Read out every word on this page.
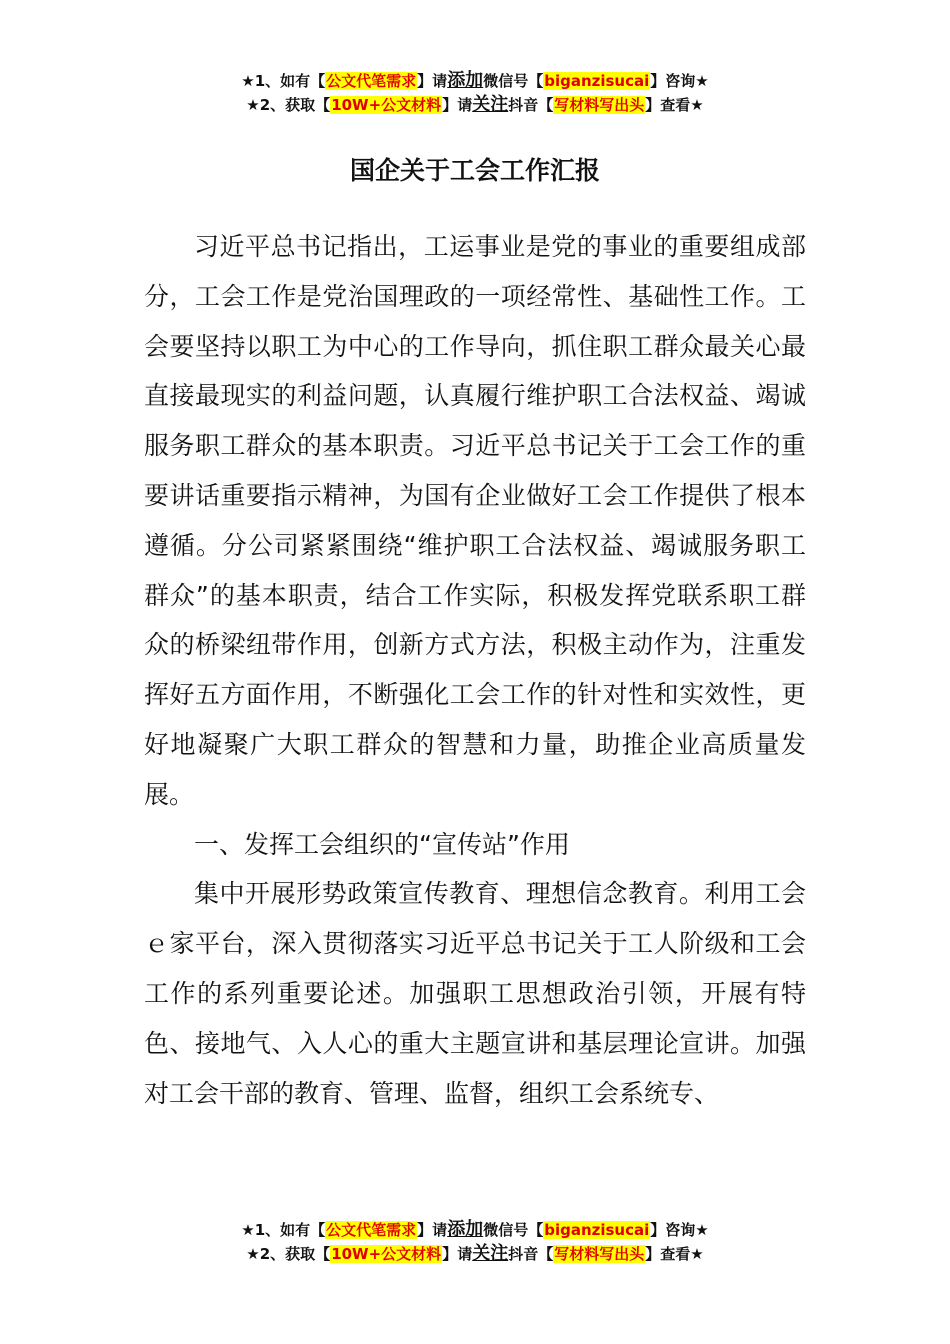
★1、如有【公文代笔需求】请添加微信号【biganzisucai】咨询★
★2、获取【10W+公文材料】请关注抖音【写材料写出头】查看★
国企关于工会工作汇报

习近平总书记指出，工运事业是党的事业的重要组成部分，工会工作是党治国理政的一项经常性、基础性工作。工会要坚持以职工为中心的工作导向，抓住职工群众最关心最直接最现实的利益问题，认真履行维护职工合法权益、竭诚服务职工群众的基本职责。习近平总书记关于工会工作的重要讲话重要指示精神，为国有企业做好工会工作提供了根本遵循。分公司紧紧围绕“维护职工合法权益、竭诚服务职工群众”的基本职责，结合工作实际，积极发挥党联系职工群众的桥梁纽带作用，创新方式方法，积极主动作为，注重发挥好五方面作用，不断强化工会工作的针对性和实效性，更好地凝聚广大职工群众的智慧和力量，助推企业高质量发展。

一、发挥工会组织的“宣传站”作用

集中开展形势政策宣传教育、理想信念教育。利用工会ｅ家平台，深入贯彻落实习近平总书记关于工人阶级和工会工作的系列重要论述。加强职工思想政治引领，开展有特色、接地气、入人心的重大主题宣讲和基层理论宣讲。加强对工会干部的教育、管理、监督，组织工会系统专、

★1、如有【公文代笔需求】请添加微信号【biganzisucai】咨询★
★2、获取【10W+公文材料】请关注抖音【写材料写出头】查看★
